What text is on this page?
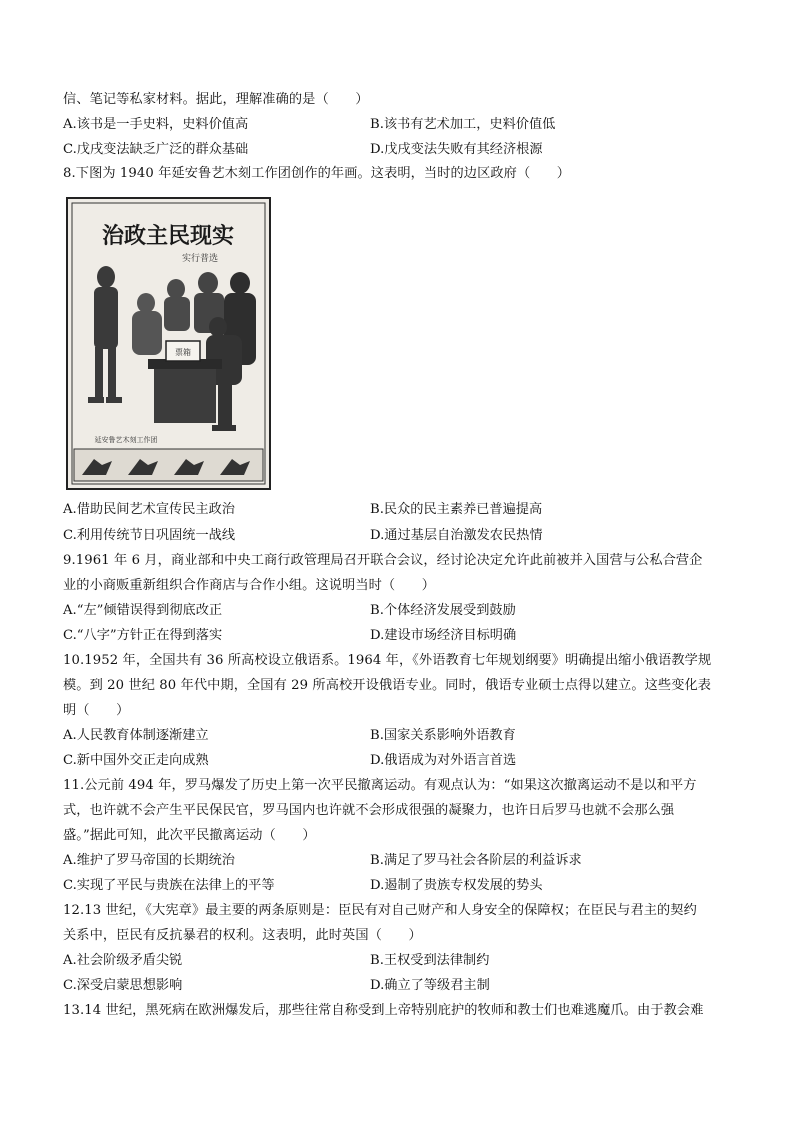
信、笔记等私家材料。据此，理解准确的是（　　）
A.该书是一手史料，史料价值高	B.该书有艺术加工，史料价值低
C.戊戌变法缺乏广泛的群众基础	D.戊戌变法失败有其经济根源
8.下图为 1940 年延安鲁艺木刻工作团创作的年画。这表明，当时的边区政府（　　）
治政主民现实
实行普选
票箱
延安鲁艺木刻工作团
A.借助民间艺术宣传民主政治	B.民众的民主素养已普遍提高
C.利用传统节日巩固统一战线	D.通过基层自治激发农民热情
9.1961 年 6 月，商业部和中央工商行政管理局召开联合会议，经讨论决定允许此前被并入国营与公私合营企
业的小商贩重新组织合作商店与合作小组。这说明当时（　　）
A.“左”倾错误得到彻底改正	B.个体经济发展受到鼓励
C.“八字”方针正在得到落实	D.建设市场经济目标明确
10.1952 年，全国共有 36 所高校设立俄语系。1964 年，《外语教育七年规划纲要》明确提出缩小俄语教学规
模。到 20 世纪 80 年代中期，全国有 29 所高校开设俄语专业。同时，俄语专业硕士点得以建立。这些变化表
明（　　）
A.人民教育体制逐渐建立	B.国家关系影响外语教育
C.新中国外交正走向成熟	D.俄语成为对外语言首选
11.公元前 494 年，罗马爆发了历史上第一次平民撤离运动。有观点认为：“如果这次撤离运动不是以和平方
式，也许就不会产生平民保民官，罗马国内也许就不会形成很强的凝聚力，也许日后罗马也就不会那么强
盛。”据此可知，此次平民撤离运动（　　）
A.维护了罗马帝国的长期统治	B.满足了罗马社会各阶层的利益诉求
C.实现了平民与贵族在法律上的平等	D.遏制了贵族专权发展的势头
12.13 世纪，《大宪章》最主要的两条原则是：臣民有对自己财产和人身安全的保障权；在臣民与君主的契约
关系中，臣民有反抗暴君的权利。这表明，此时英国（　　）
A.社会阶级矛盾尖锐	B.王权受到法律制约
C.深受启蒙思想影响	D.确立了等级君主制
13.14 世纪，黑死病在欧洲爆发后，那些往常自称受到上帝特别庇护的牧师和教士们也难逃魔爪。由于教会难
